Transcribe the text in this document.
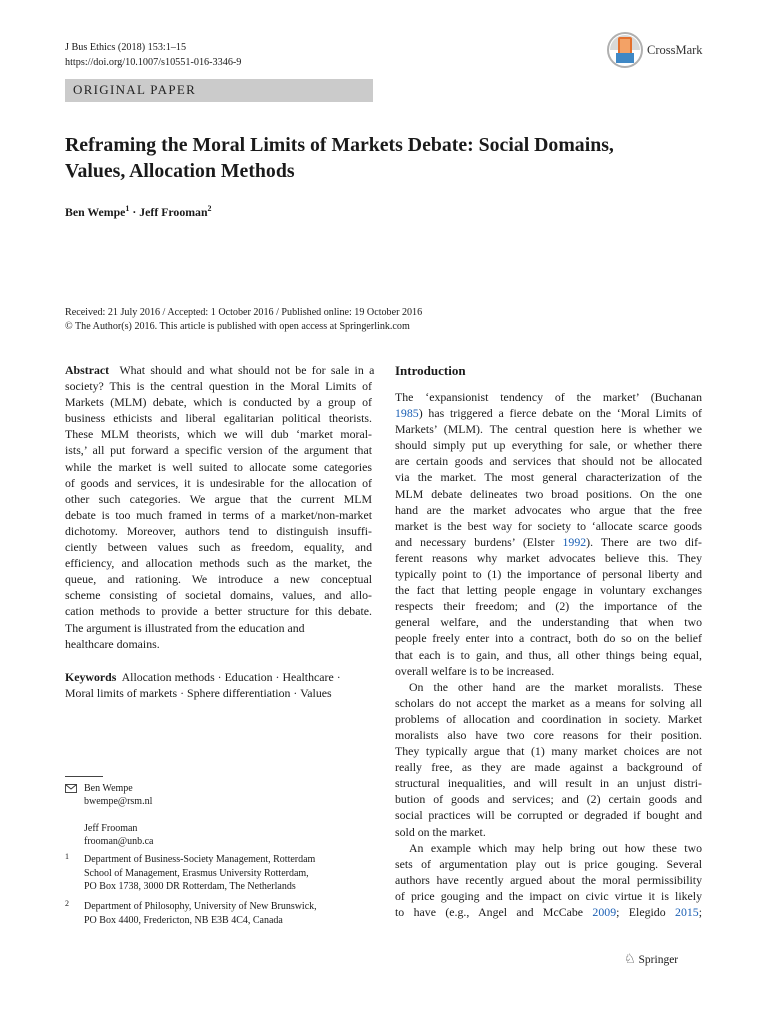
J Bus Ethics (2018) 153:1–15
https://doi.org/10.1007/s10551-016-3346-9
CrossMark
ORIGINAL PAPER
Reframing the Moral Limits of Markets Debate: Social Domains,
Values, Allocation Methods
Ben Wempe$^1$ · Jeff Frooman$^2$
Received: 21 July 2016 / Accepted: 1 October 2016 / Published online: 19 October 2016
© The Author(s) 2016. This article is published with open access at Springerlink.com
Abstract What should and what should not be for sale in a
society? This is the central question in the Moral Limits of
Markets (MLM) debate, which is conducted by a group of
business ethicists and liberal egalitarian political theorists.
These MLM theorists, which we will dub ‘market moral-
ists,’ all put forward a specific version of the argument that
while the market is well suited to allocate some categories
of goods and services, it is undesirable for the allocation of
other such categories. We argue that the current MLM
debate is too much framed in terms of a market/non-market
dichotomy. Moreover, authors tend to distinguish insuffi-
ciently between values such as freedom, equality, and
efficiency, and allocation methods such as the market, the
queue, and rationing. We introduce a new conceptual
scheme consisting of societal domains, values, and allo-
cation methods to provide a better structure for this debate.
The argument is illustrated from the education and
healthcare domains.
Keywords Allocation methods · Education · Healthcare ·
Moral limits of markets · Sphere differentiation · Values
Ben Wempe
bwempe@rsm.nl
Jeff Frooman
frooman@unb.ca
1 Department of Business-Society Management, Rotterdam
School of Management, Erasmus University Rotterdam,
PO Box 1738, 3000 DR Rotterdam, The Netherlands
2 Department of Philosophy, University of New Brunswick,
PO Box 4400, Fredericton, NB E3B 4C4, Canada
Introduction
The ‘expansionist tendency of the market’ (Buchanan
1985) has triggered a fierce debate on the ‘Moral Limits of
Markets’ (MLM). The central question here is whether we
should simply put up everything for sale, or whether there
are certain goods and services that should not be allocated
via the market. The most general characterization of the
MLM debate delineates two broad positions. On the one
hand are the market advocates who argue that the free
market is the best way for society to ‘allocate scarce goods
and necessary burdens’ (Elster 1992). There are two dif-
ferent reasons why market advocates believe this. They
typically point to (1) the importance of personal liberty and
the fact that letting people engage in voluntary exchanges
respects their freedom; and (2) the importance of the
general welfare, and the understanding that when two
people freely enter into a contract, both do so on the belief
that each is to gain, and thus, all other things being equal,
overall welfare is to be increased.
On the other hand are the market moralists. These
scholars do not accept the market as a means for solving all
problems of allocation and coordination in society. Market
moralists also have two core reasons for their position.
They typically argue that (1) many market choices are not
really free, as they are made against a background of
structural inequalities, and will result in an unjust distri-
bution of goods and services; and (2) certain goods and
social practices will be corrupted or degraded if bought and
sold on the market.
An example which may help bring out how these two
sets of argumentation play out is price gouging. Several
authors have recently argued about the moral permissibility
of price gouging and the impact on civic virtue it is likely
to have (e.g., Angel and McCabe 2009; Elegido 2015;
♘ Springer
